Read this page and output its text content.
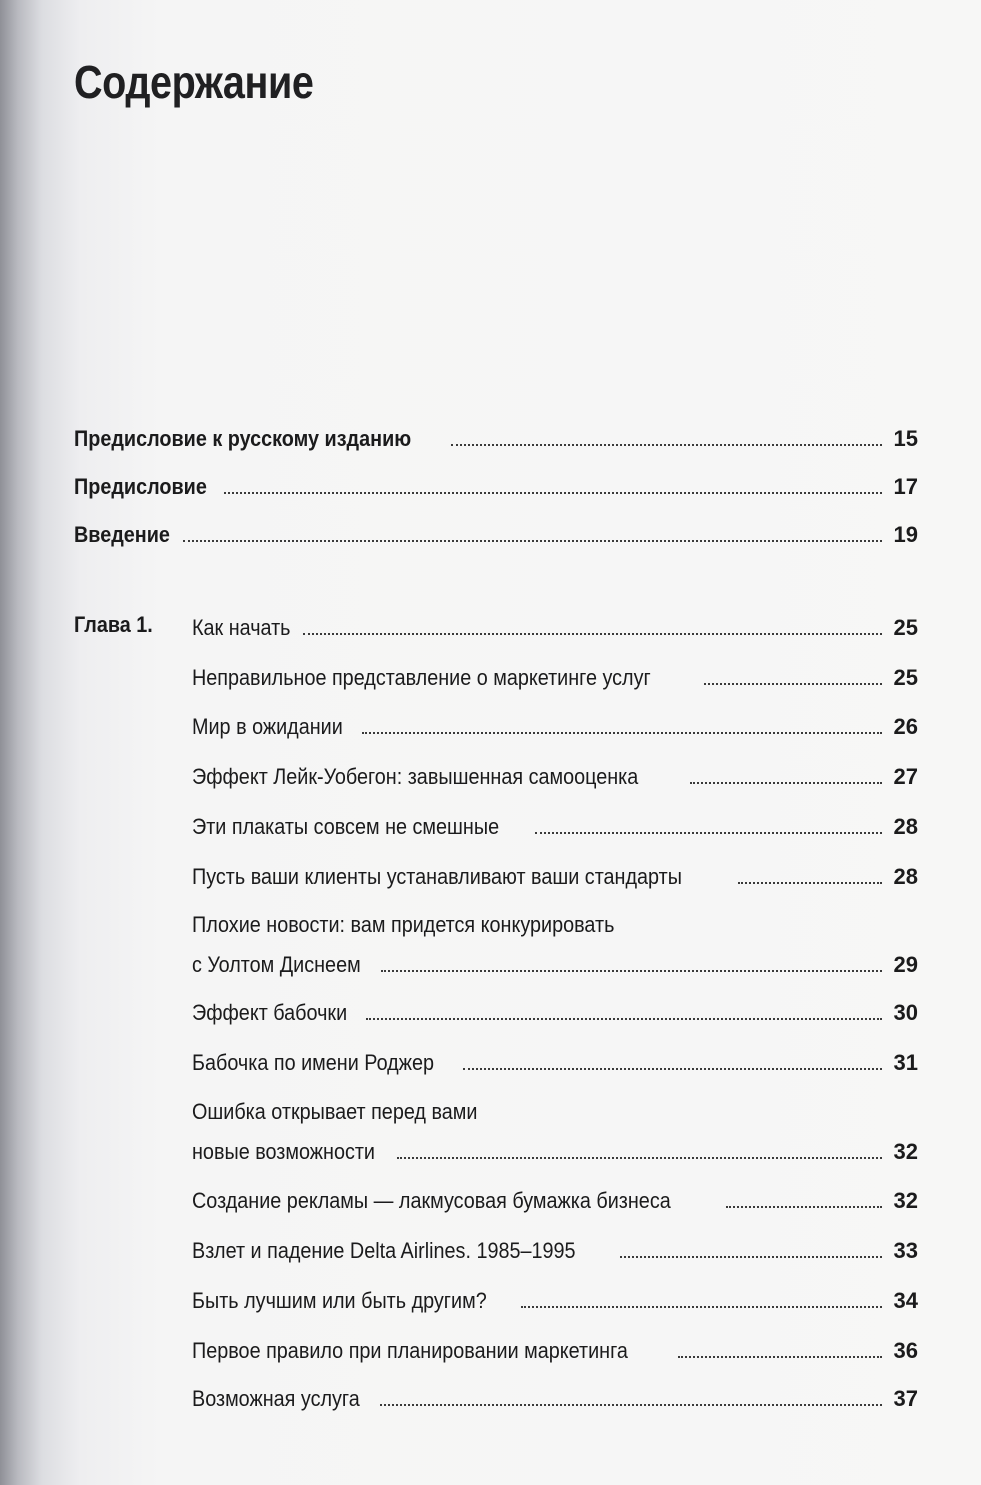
Содержание
Предисловие к русскому изданию	15
Предисловие	17
Введение	19
Глава 1. Как начать	25
Неправильное представление о маркетинге услуг	25
Мир в ожидании	26
Эффект Лейк-Уобегон: завышенная самооценка	27
Эти плакаты совсем не смешные	28
Пусть ваши клиенты устанавливают ваши стандарты	28
Плохие новости: вам придется конкурировать
с Уолтом Диснеем	29
Эффект бабочки	30
Бабочка по имени Роджер	31
Ошибка открывает перед вами
новые возможности	32
Создание рекламы — лакмусовая бумажка бизнеса	32
Взлет и падение Delta Airlines. 1985–1995	33
Быть лучшим или быть другим?	34
Первое правило при планировании маркетинга	36
Возможная услуга	37
